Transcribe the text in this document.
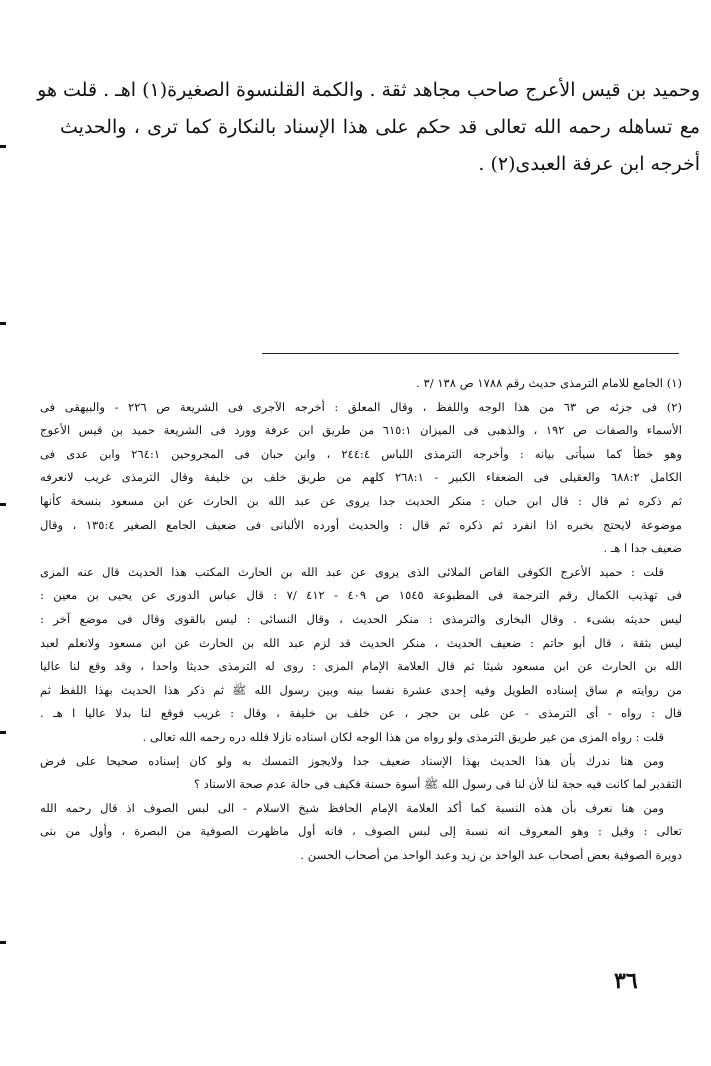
وحميد بن قيس الأعرج صاحب مجاهد ثقة . والكمة القلنسوة الصغيرة(١) اهـ . قلت هو
مع تساهله رحمه الله تعالى قد حكم على هذا الإسناد بالنكارة كما ترى ، والحديث
أخرجه ابن عرفة العبدى(٢) .
(١) الجامع للامام الترمذى حديث رقم ١٧٨٨ ص ١٣٨ /٣ .
(٢) فى جزئه ص ٦٣ من هذا الوجه واللفظ ، وقال المعلق : أخرجه الآجرى فى الشريعة ص ٢٢٦ - والبيهقى فى
الأسماء والصفات ص ١٩٢ ، والذهبى فى الميزان ٦١٥:١ من طريق ابن عرفة وورد فى الشريعة حميد بن قيس الأعوج
وهو خطأ كما سيأتى بيانه : وأخرجه الترمذى اللباس ٢٤٤:٤ ، وابن حبان فى المجروحين ٢٦٤:١ وابن عدى فى
الكامل ٦٨٨:٢ والعقيلى فى الضعفاء الكبير - ٢٦٨:١ كلهم من طريق خلف بن خليفة وقال الترمذى غريب لانعرفه
ثم ذكره ثم قال : قال ابن حبان : منكر الحديث جدا يروى عن عبد الله بن الحارث عن ابن مسعود بنسخة كأنها
موضوعة لايحتج بخبره اذا انفرد ثم ذكره ثم قال : والحديث أورده الألبانى فى ضعيف الجامع الصغير ١٣٥:٤ ، وقال
ضعيف جدا ا هـ .
قلت : حميد الأعرج الكوفى القاص الملائى الذى يروى عن عبد الله بن الحارث المكتب هذا الحديث قال عنه المزى
فى تهذيب الكمال رقم الترجمة فى المطبوعة ١٥٤٥ ص ٤٠٩ - ٤١٢ /٧ : قال عباس الدورى عن يحيى بن معين :
ليس حديثه بشىء . وقال البخارى والترمذى : منكر الحديث ، وقال النسائى : ليس بالقوى وقال فى موضع آخر :
ليس بثقة ، قال أبو حاتم : ضعيف الحديث ، منكر الحديث قد لزم عبد الله بن الحارث عن ابن مسعود ولانعلم لعبد
الله بن الحارث عن ابن مسعود شيئا ثم قال العلامة الإمام المزى : روى له الترمذى حديثا واحدا ، وقد وقع لنا عاليا
من روايته م ساق إسناده الطويل وفيه إحدى عشرة نفسا بينه وبين رسول الله ﷺ ثم ذكر هذا الحديث بهذا اللفظ ثم
قال : رواه - أى الترمذى - عن على بن حجر ، عن خلف بن خليفة ، وقال : غريب فوقع لنا بدلا عاليا ا هـ .
قلت : رواه المزى من غير طريق الترمذى ولو رواه من هذا الوجه لكان اسناده نازلا فلله دره رحمه الله تعالى .
ومن هنا ندرك بأن هذا الحديث بهذا الإسناد ضعيف جدا ولايجوز التمسك به ولو كان إسناده صحيحا على فرض
التقدير لما كانت فيه حجة لنا لأن لنا فى رسول الله ﷺ أسوة حسنة فكيف فى حالة عدم صحة الاسناد ؟
ومن هنا نعرف بأن هذه النسبة كما أكد العلامة الإمام الحافظ شيخ الاسلام - الى لبس الصوف اذ قال رحمه الله
تعالى : وقيل : وهو المعروف انه نسبة إلى لبس الصوف ، فانه أول ماظهرت الصوفية من البصرة ، وأول من بنى
دويرة الصوفية بعض أصحاب عبد الواحد بن زيد وعبد الواحد من أصحاب الحسن .
٣٦
